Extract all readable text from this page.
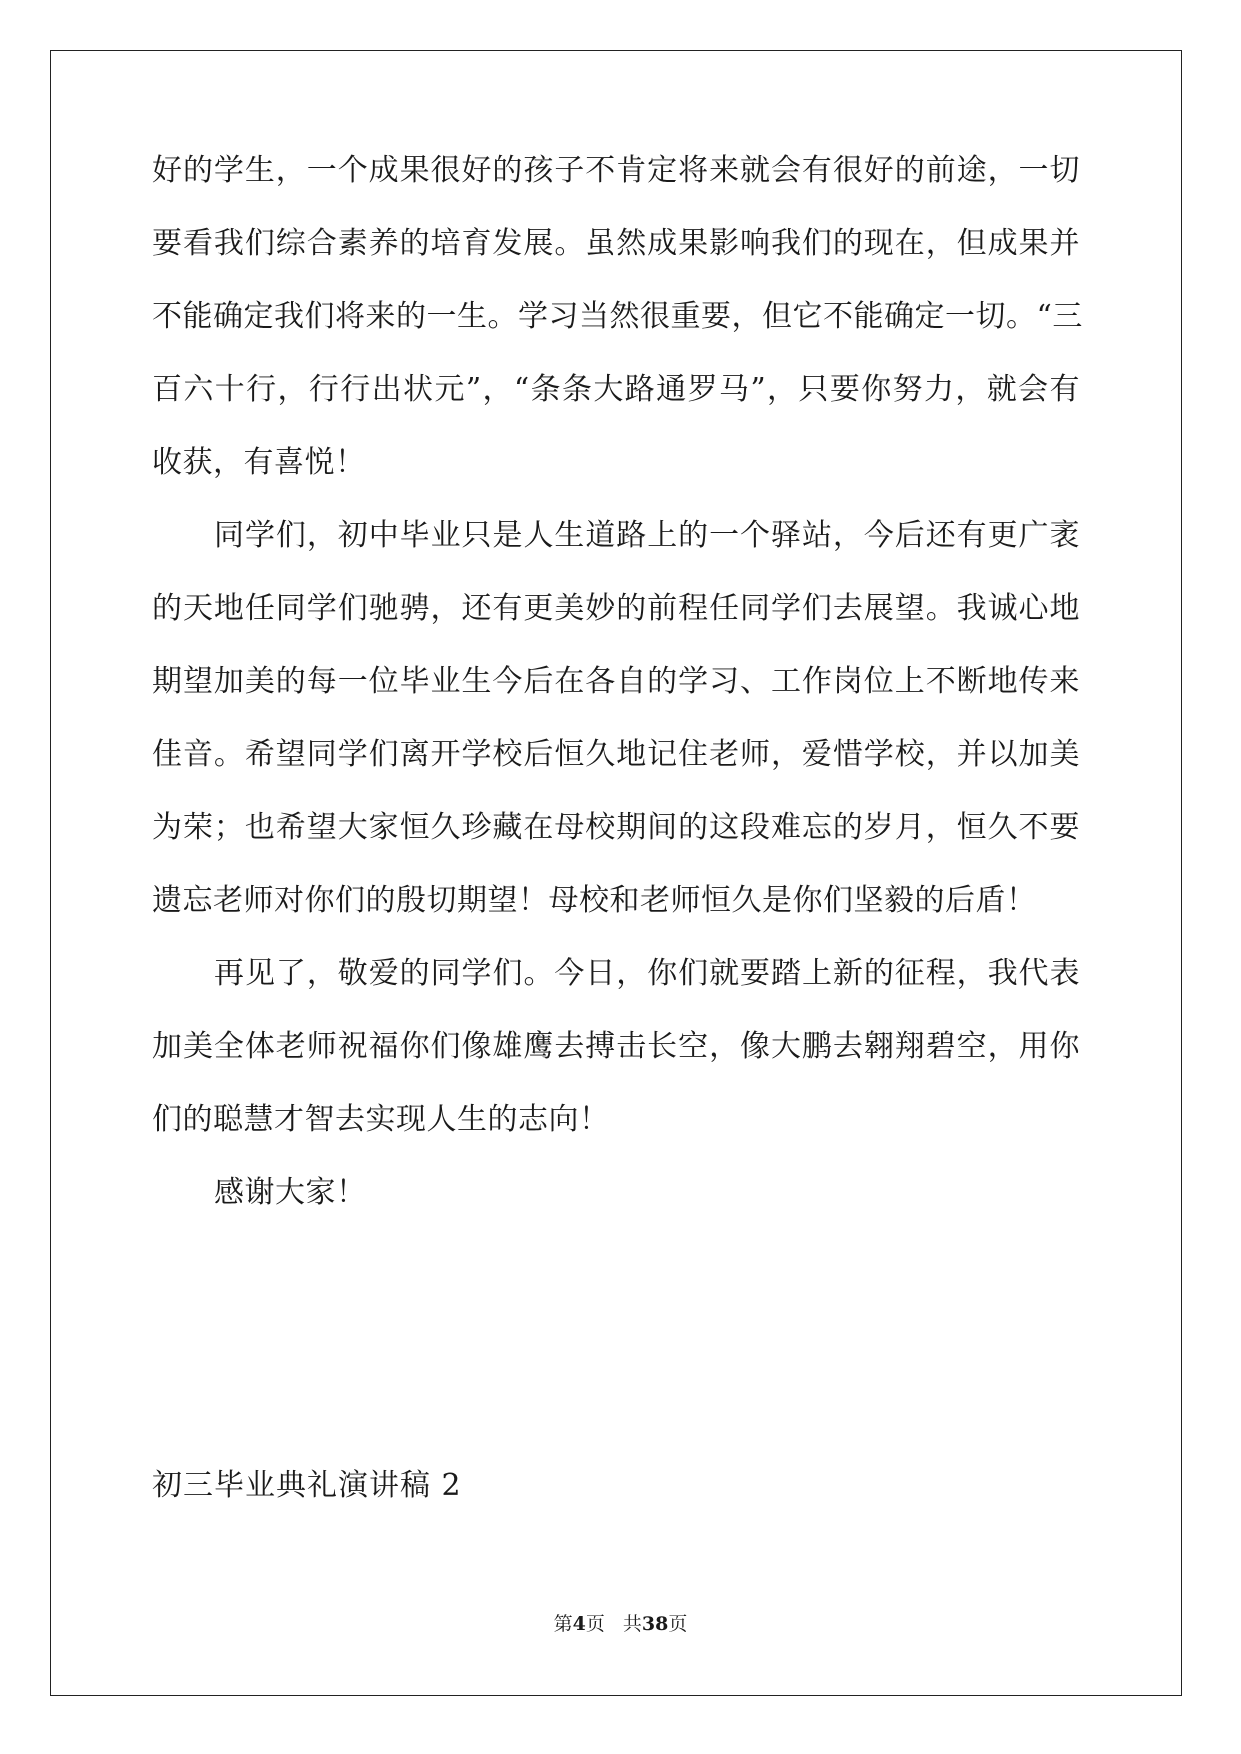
好的学生，一个成果很好的孩子不肯定将来就会有很好的前途，一切
要看我们综合素养的培育发展。虽然成果影响我们的现在，但成果并
不能确定我们将来的一生。学习当然很重要，但它不能确定一切。“三
百六十行，行行出状元”，“条条大路通罗马”，只要你努力，就会有
收获，有喜悦！
同学们，初中毕业只是人生道路上的一个驿站，今后还有更广袤
的天地任同学们驰骋，还有更美妙的前程任同学们去展望。我诚心地
期望加美的每一位毕业生今后在各自的学习、工作岗位上不断地传来
佳音。希望同学们离开学校后恒久地记住老师，爱惜学校，并以加美
为荣；也希望大家恒久珍藏在母校期间的这段难忘的岁月，恒久不要
遗忘老师对你们的殷切期望！母校和老师恒久是你们坚毅的后盾！
再见了，敬爱的同学们。今日，你们就要踏上新的征程，我代表
加美全体老师祝福你们像雄鹰去搏击长空，像大鹏去翱翔碧空，用你
们的聪慧才智去实现人生的志向！
感谢大家！
初三毕业典礼演讲稿 2
第4页 共38页
